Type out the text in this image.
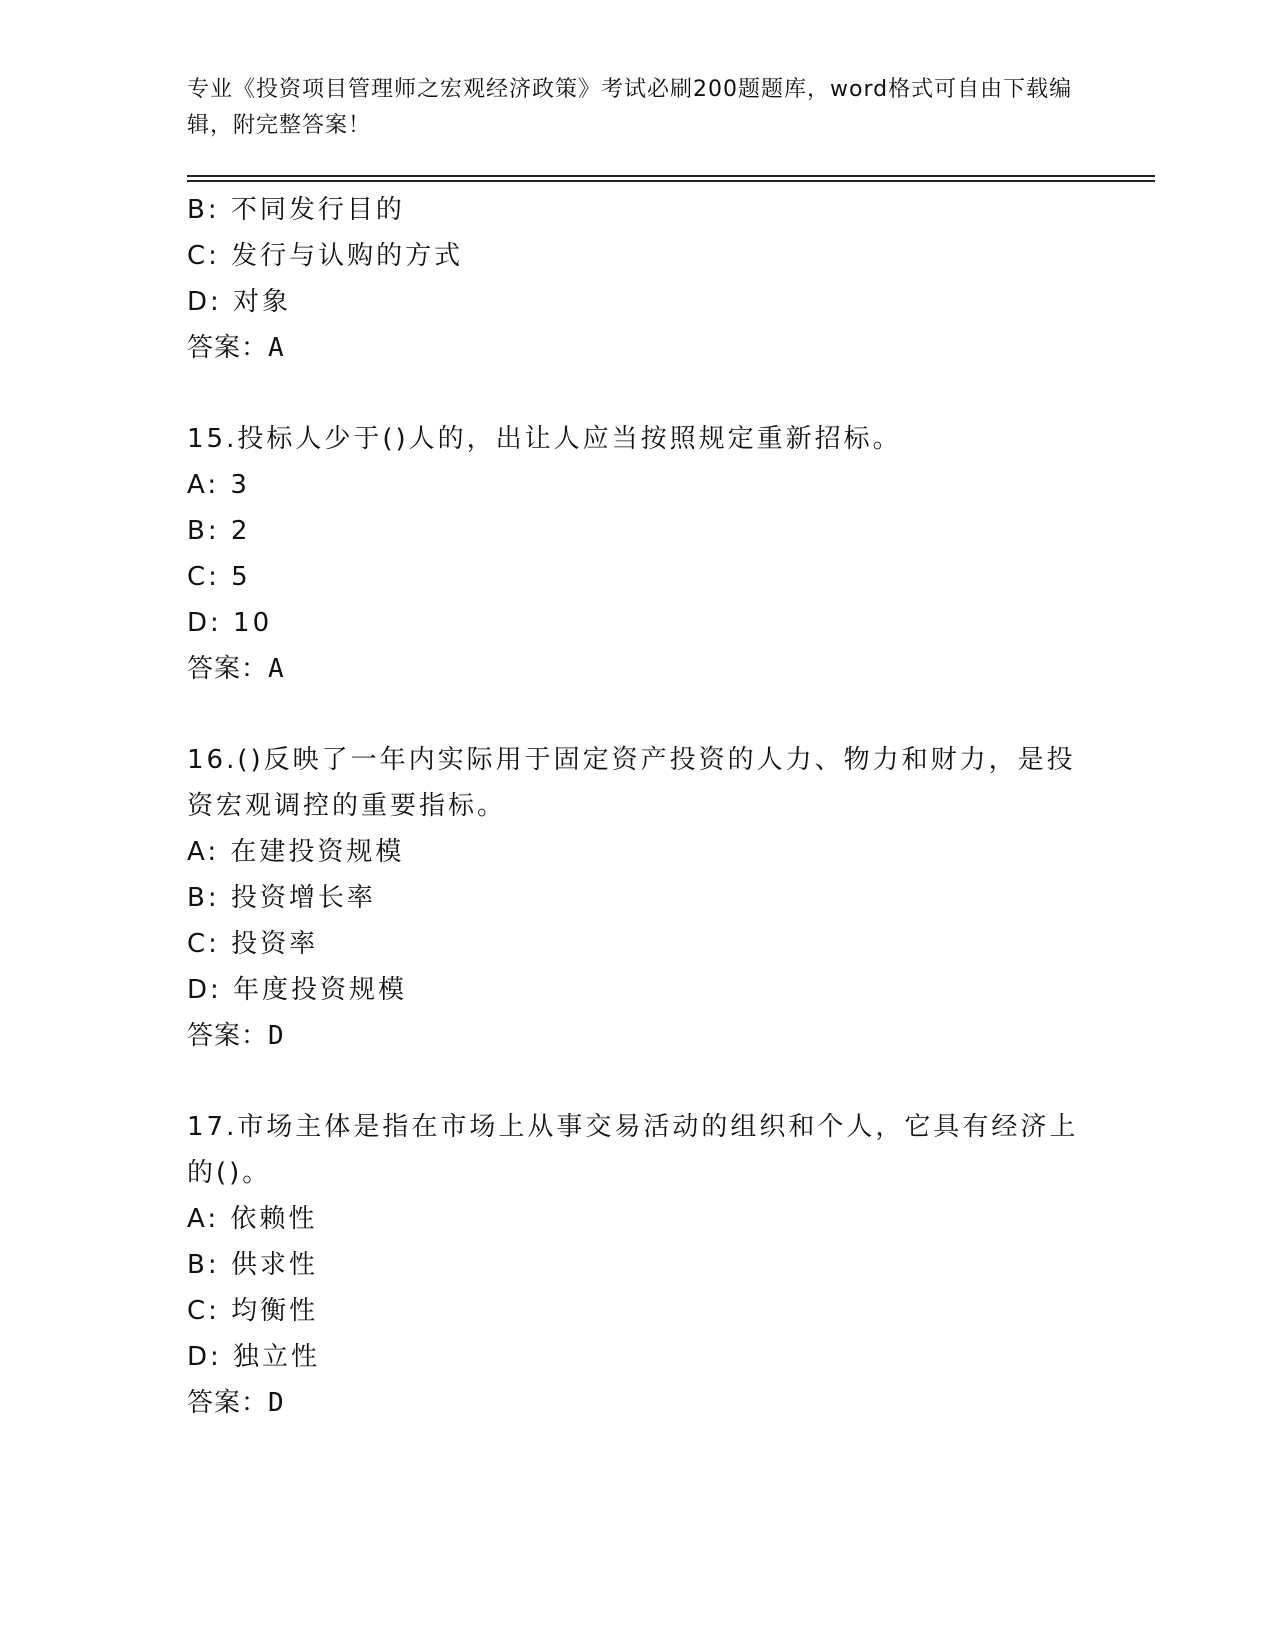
专业《投资项目管理师之宏观经济政策》考试必刷200题题库，word格式可自由下载编辑，附完整答案！

B: 不同发行目的

C: 发行与认购的方式

D: 对象

答案：A

15.投标人少于()人的，出让人应当按照规定重新招标。

A: 3

B: 2

C: 5

D: 10

答案：A

16.()反映了一年内实际用于固定资产投资的人力、物力和财力，是投资宏观调控的重要指标。

A: 在建投资规模

B: 投资增长率

C: 投资率

D: 年度投资规模

答案：D

17.市场主体是指在市场上从事交易活动的组织和个人，它具有经济上的()。

A: 依赖性

B: 供求性

C: 均衡性

D: 独立性

答案：D
